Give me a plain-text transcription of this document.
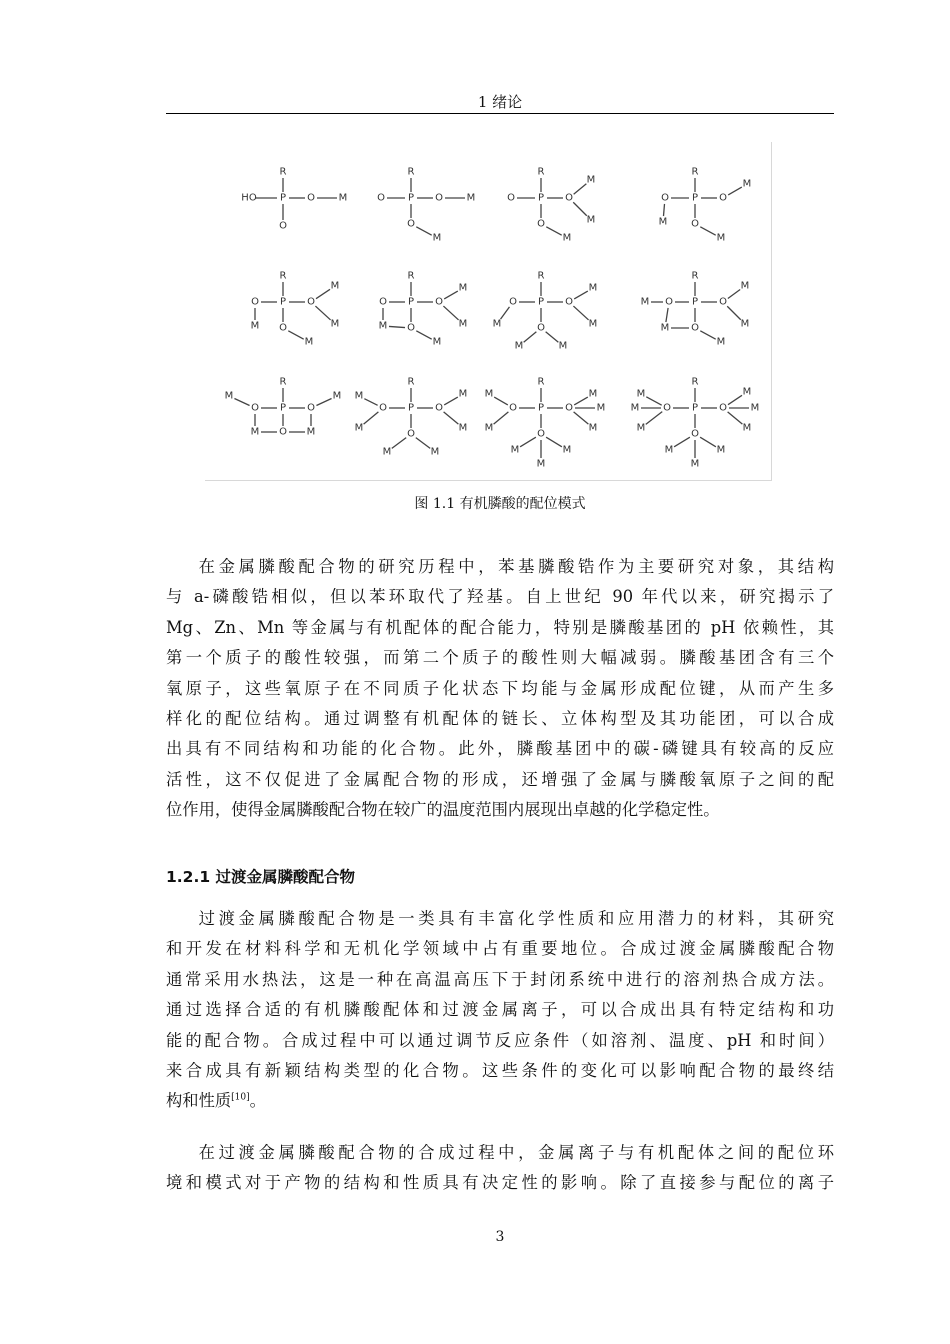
1 绪论
R
P
HO	O M
O
R
P
O	O M
O
M
R
P
O	O
M
M
O
M
R
P
O
M
O
M
O
M
R
P
O
M
O
M
M
O
M
R
P
O
M
O
M
O
M
M
R
P
O
M
O
M
M
O
M	M
R
P
O
M
M
O
M
M
O
M
R
P
O
M
M
O
M
M
O
R
P
O
M
M
O
M
M
O
M	M
R
P
O
M
M
O
M
M
M
O
M	M
M
R
P
O
M
M
M
O
M
M
M
O
M	M
M
图 1.1 有机膦酸的配位模式
在金属膦酸配合物的研究历程中，苯基膦酸锆作为主要研究对象，其结构
与 a-磷酸锆相似，但以苯环取代了羟基。自上世纪 90 年代以来，研究揭示了
Mg、Zn、Mn 等金属与有机配体的配合能力，特别是膦酸基团的 pH 依赖性，其
第一个质子的酸性较强，而第二个质子的酸性则大幅减弱。膦酸基团含有三个
氧原子，这些氧原子在不同质子化状态下均能与金属形成配位键，从而产生多
样化的配位结构。通过调整有机配体的链长、立体构型及其功能团，可以合成
出具有不同结构和功能的化合物。此外，膦酸基团中的碳-磷键具有较高的反应
活性，这不仅促进了金属配合物的形成，还增强了金属与膦酸氧原子之间的配
位作用，使得金属膦酸配合物在较广的温度范围内展现出卓越的化学稳定性。
1.2.1 过渡金属膦酸配合物
过渡金属膦酸配合物是一类具有丰富化学性质和应用潜力的材料，其研究
和开发在材料科学和无机化学领域中占有重要地位。合成过渡金属膦酸配合物
通常采用水热法，这是一种在高温高压下于封闭系统中进行的溶剂热合成方法。
通过选择合适的有机膦酸配体和过渡金属离子，可以合成出具有特定结构和功
能的配合物。合成过程中可以通过调节反应条件（如溶剂、温度、pH 和时间）
来合成具有新颖结构类型的化合物。这些条件的变化可以影响配合物的最终结
构和性质[10]。
在过渡金属膦酸配合物的合成过程中，金属离子与有机配体之间的配位环
境和模式对于产物的结构和性质具有决定性的影响。除了直接参与配位的离子
3
